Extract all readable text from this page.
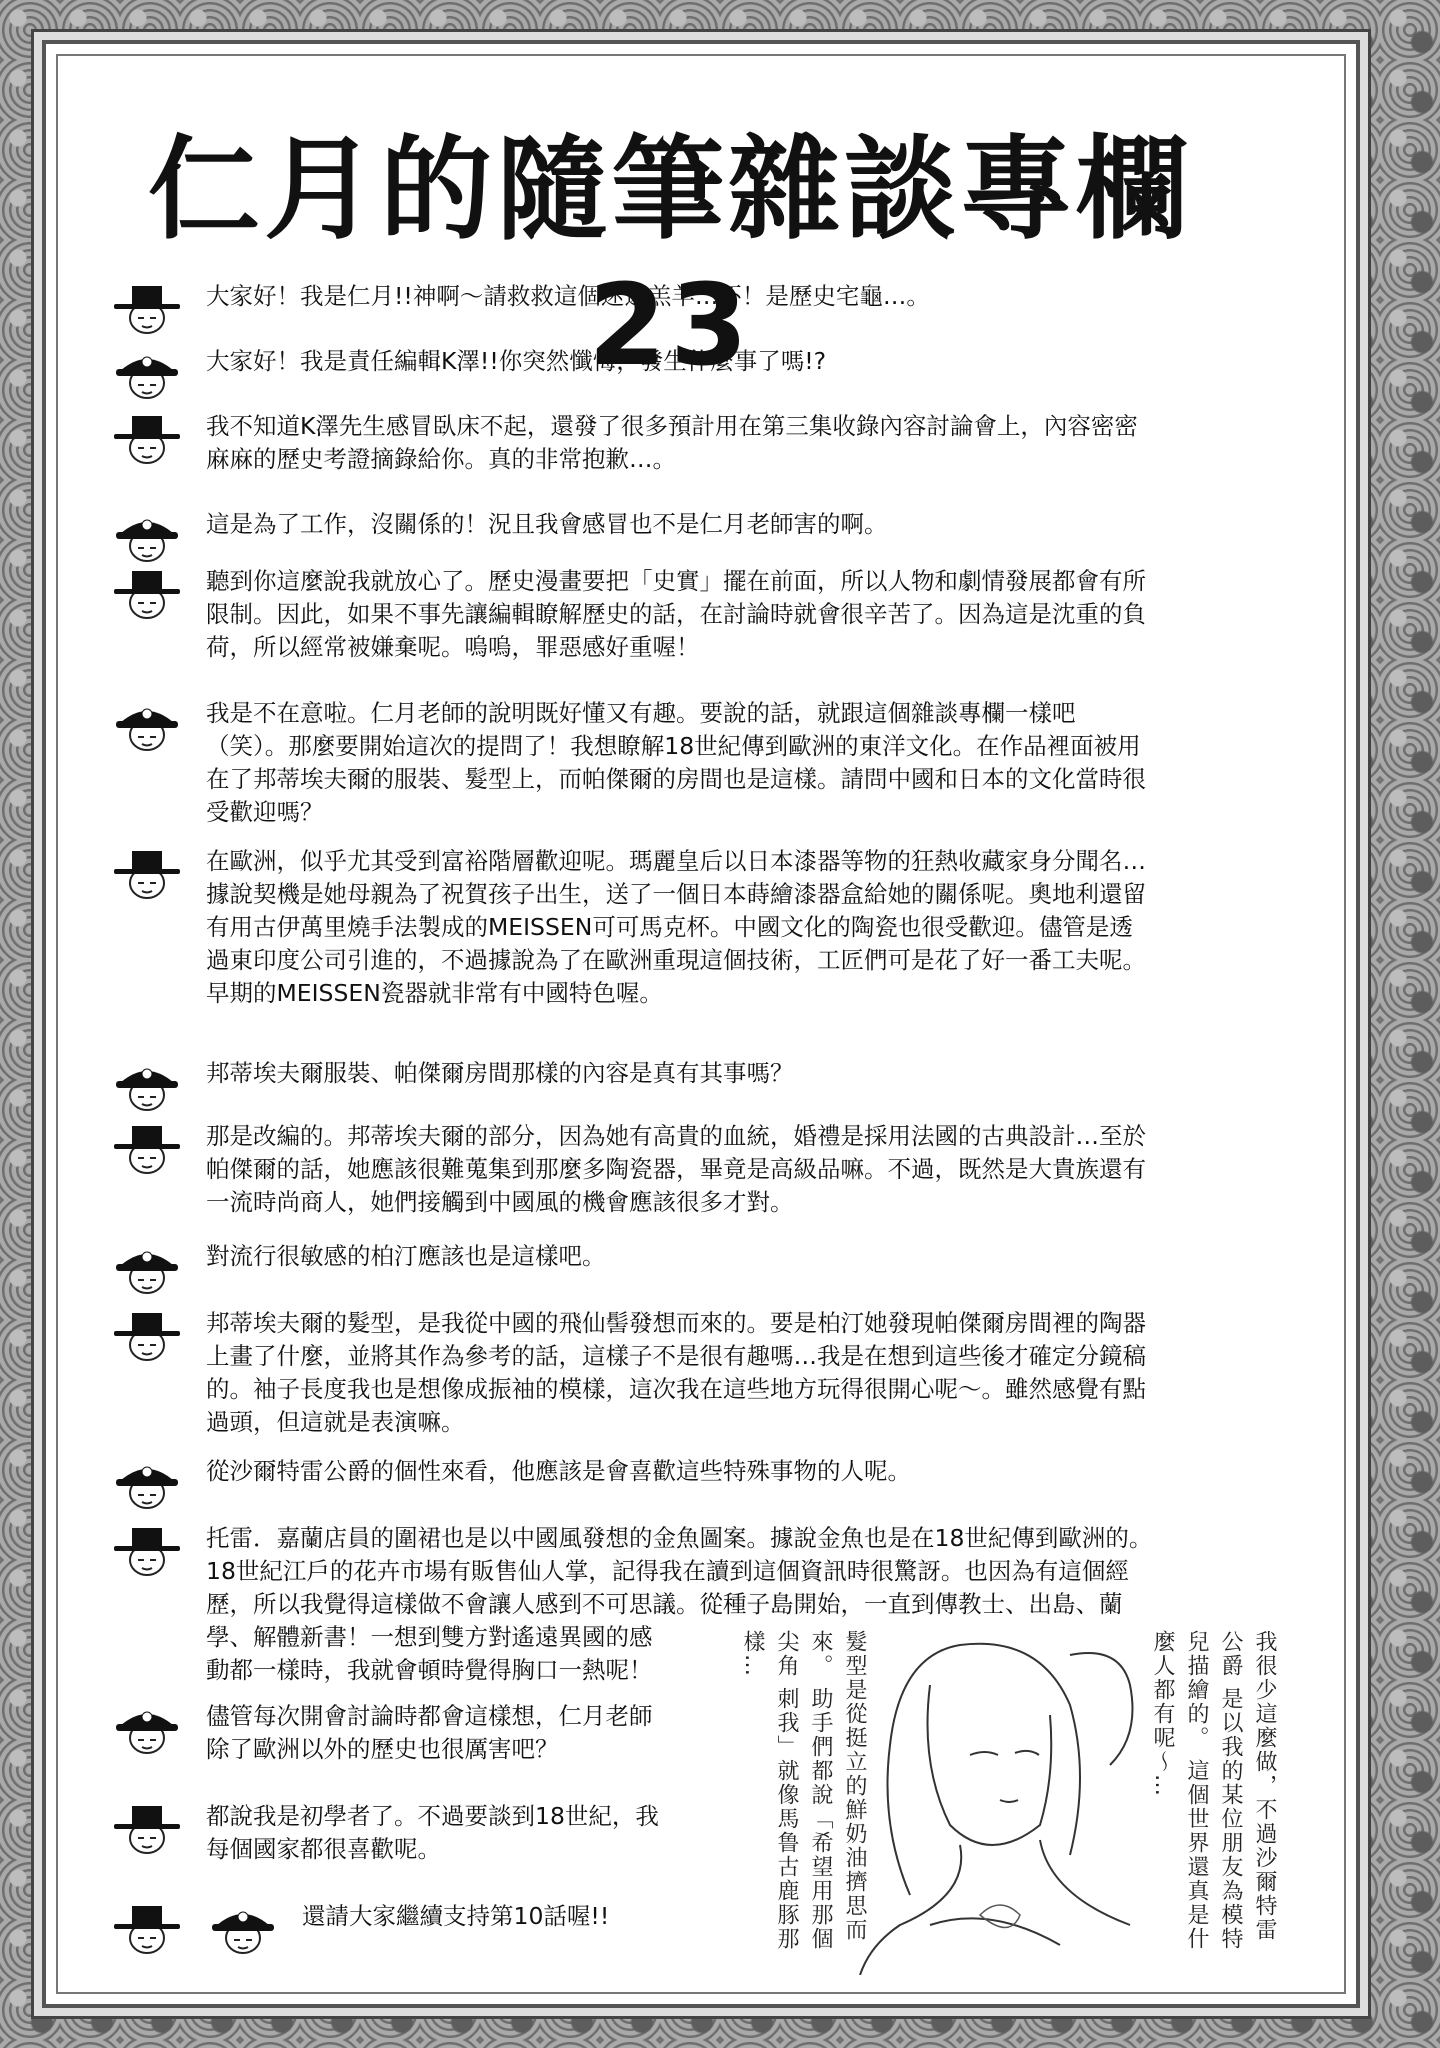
仁月的隨筆雜談專欄23
大家好！我是仁月!!神啊～請救救這個迷途羔羊…不！是歷史宅龜…。
大家好！我是責任編輯K澤!!你突然懺悔，發生什麼事了嗎!?
我不知道K澤先生感冒臥床不起，還發了很多預計用在第三集收錄內容討論會上，內容密密
麻麻的歷史考證摘錄給你。真的非常抱歉…。
這是為了工作，沒關係的！況且我會感冒也不是仁月老師害的啊。
聽到你這麼說我就放心了。歷史漫畫要把「史實」擺在前面，所以人物和劇情發展都會有所
限制。因此，如果不事先讓編輯瞭解歷史的話，在討論時就會很辛苦了。因為這是沈重的負
荷，所以經常被嫌棄呢。嗚嗚，罪惡感好重喔！
我是不在意啦。仁月老師的說明既好懂又有趣。要說的話，就跟這個雜談專欄一樣吧
（笑）。那麼要開始這次的提問了！我想瞭解18世紀傳到歐洲的東洋文化。在作品裡面被用
在了邦蒂埃夫爾的服裝、髮型上，而帕傑爾的房間也是這樣。請問中國和日本的文化當時很
受歡迎嗎？
在歐洲，似乎尤其受到富裕階層歡迎呢。瑪麗皇后以日本漆器等物的狂熱收藏家身分聞名…
據說契機是她母親為了祝賀孩子出生，送了一個日本蒔繪漆器盒給她的關係呢。奧地利還留
有用古伊萬里燒手法製成的MEISSEN可可馬克杯。中國文化的陶瓷也很受歡迎。儘管是透
過東印度公司引進的，不過據說為了在歐洲重現這個技術，工匠們可是花了好一番工夫呢。
早期的MEISSEN瓷器就非常有中國特色喔。
邦蒂埃夫爾服裝、帕傑爾房間那樣的內容是真有其事嗎？
那是改編的。邦蒂埃夫爾的部分，因為她有高貴的血統，婚禮是採用法國的古典設計…至於
帕傑爾的話，她應該很難蒐集到那麼多陶瓷器，畢竟是高級品嘛。不過，既然是大貴族還有
一流時尚商人，她們接觸到中國風的機會應該很多才對。
對流行很敏感的柏汀應該也是這樣吧。
邦蒂埃夫爾的髮型，是我從中國的飛仙髻發想而來的。要是柏汀她發現帕傑爾房間裡的陶器
上畫了什麼，並將其作為參考的話，這樣子不是很有趣嗎…我是在想到這些後才確定分鏡稿
的。袖子長度我也是想像成振袖的模樣，這次我在這些地方玩得很開心呢～。雖然感覺有點
過頭，但這就是表演嘛。
從沙爾特雷公爵的個性來看，他應該是會喜歡這些特殊事物的人呢。
托雷．嘉蘭店員的圍裙也是以中國風發想的金魚圖案。據說金魚也是在18世紀傳到歐洲的。
18世紀江戶的花卉市場有販售仙人掌，記得我在讀到這個資訊時很驚訝。也因為有這個經
歷，所以我覺得這樣做不會讓人感到不可思議。從種子島開始，一直到傳教士、出島、蘭
學、解體新書！一想到雙方對遙遠異國的感
動都一樣時，我就會頓時覺得胸口一熱呢！
儘管每次開會討論時都會這樣想，仁月老師
除了歐洲以外的歷史也很厲害吧？
都說我是初學者了。不過要談到18世紀，我
每個國家都很喜歡呢。
還請大家繼續支持第10話喔!!	我很少這麼做，不過沙爾特雷公爵 是以我的某位朋友為模特兒描繪的。 這個世界還真是什麼人都有呢～…
髮型是從挺立的鮮奶油擠思而來。 助手們都說「希望用那個尖角 刺我」就像馬鲁古鹿豚那樣…
